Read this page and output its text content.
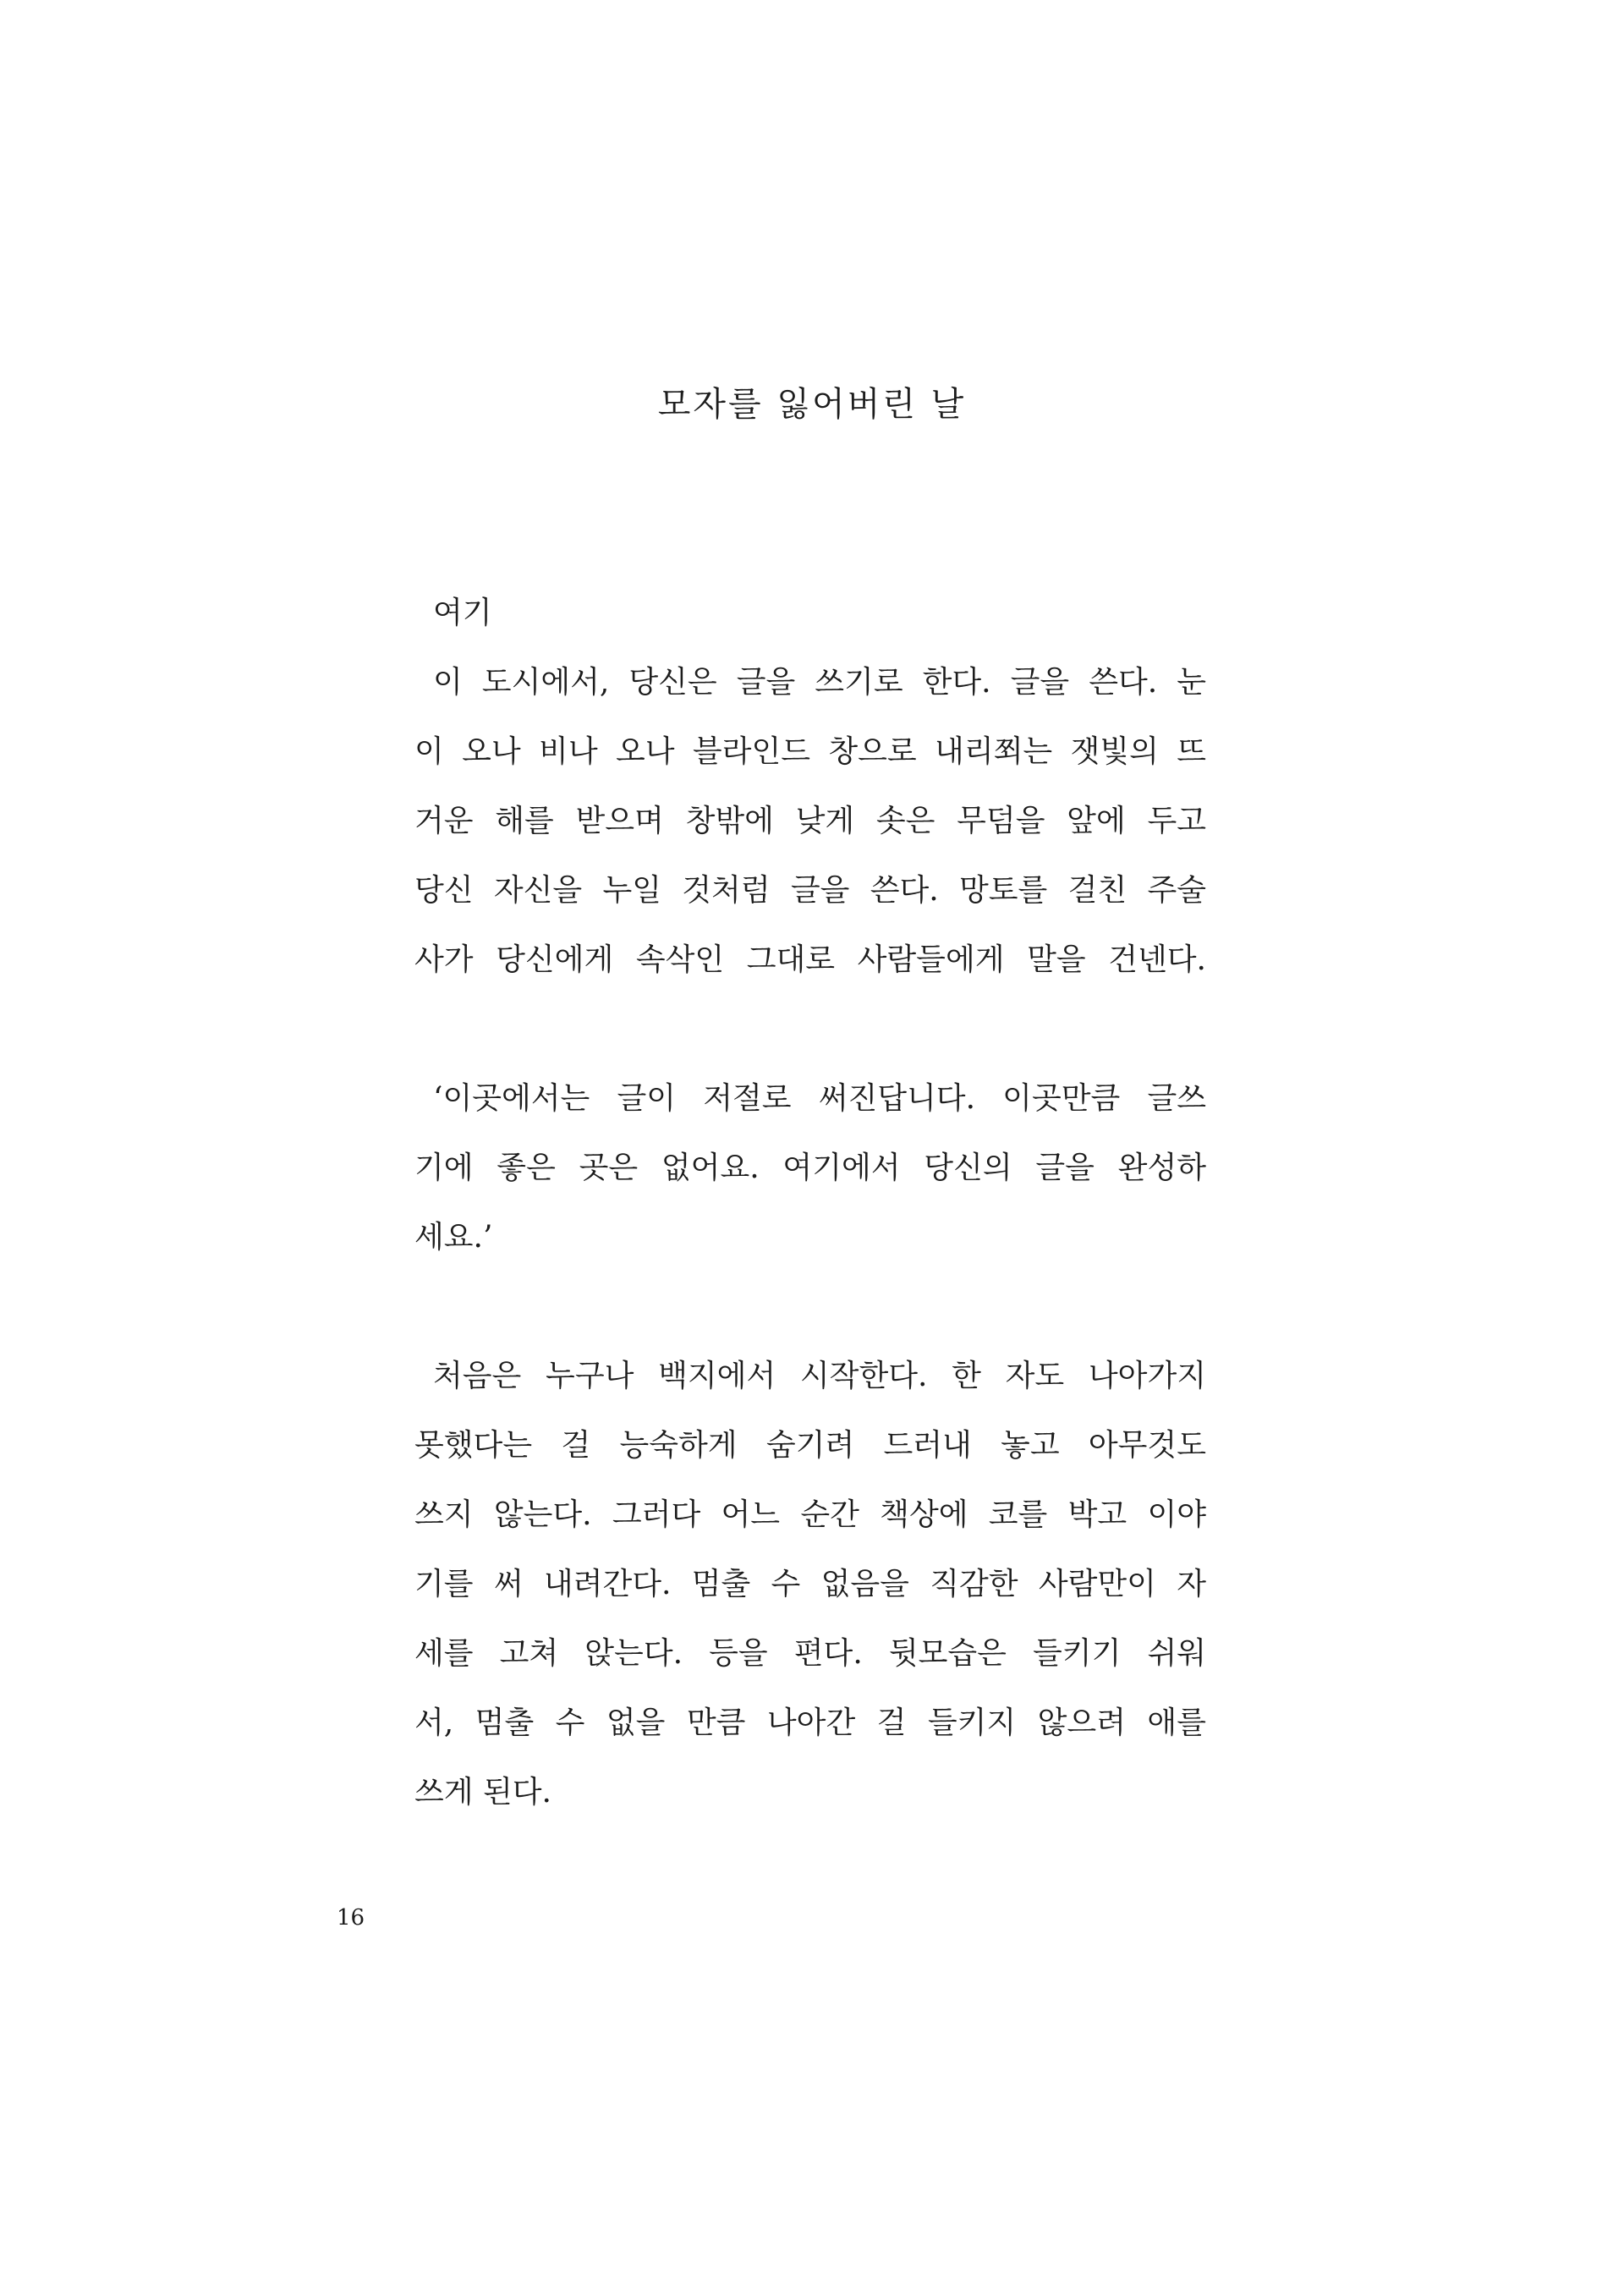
모자를 잃어버린 날
여기
이 도시에서, 당신은 글을 쓰기로 한다. 글을 쓴다. 눈
이 오나 비나 오나 블라인드 창으로 내리쬐는 잿빛의 뜨
거운 해를 받으며 창밖에 낮게 솟은 무덤을 앞에 두고
당신 자신을 누일 것처럼 글을 쓴다. 망토를 걸친 주술
사가 당신에게 속삭인 그대로 사람들에게 말을 건넨다.
‘이곳에서는 글이 저절로 써진답니다. 이곳만큼 글쓰
기에 좋은 곳은 없어요. 여기에서 당신의 글을 완성하
세요.’
처음은 누구나 백지에서 시작한다. 한 자도 나아가지
못했다는 걸 능숙하게 숨기려 드러내 놓고 아무것도
쓰지 않는다. 그러다 어느 순간 책상에 코를 박고 이야
기를 써 내려간다. 멈출 수 없음을 직감한 사람만이 자
세를 고쳐 앉는다. 등을 편다. 뒷모습은 들키기 쉬워
서, 멈출 수 없을 만큼 나아간 걸 들키지 않으려 애를
쓰게 된다.
16
